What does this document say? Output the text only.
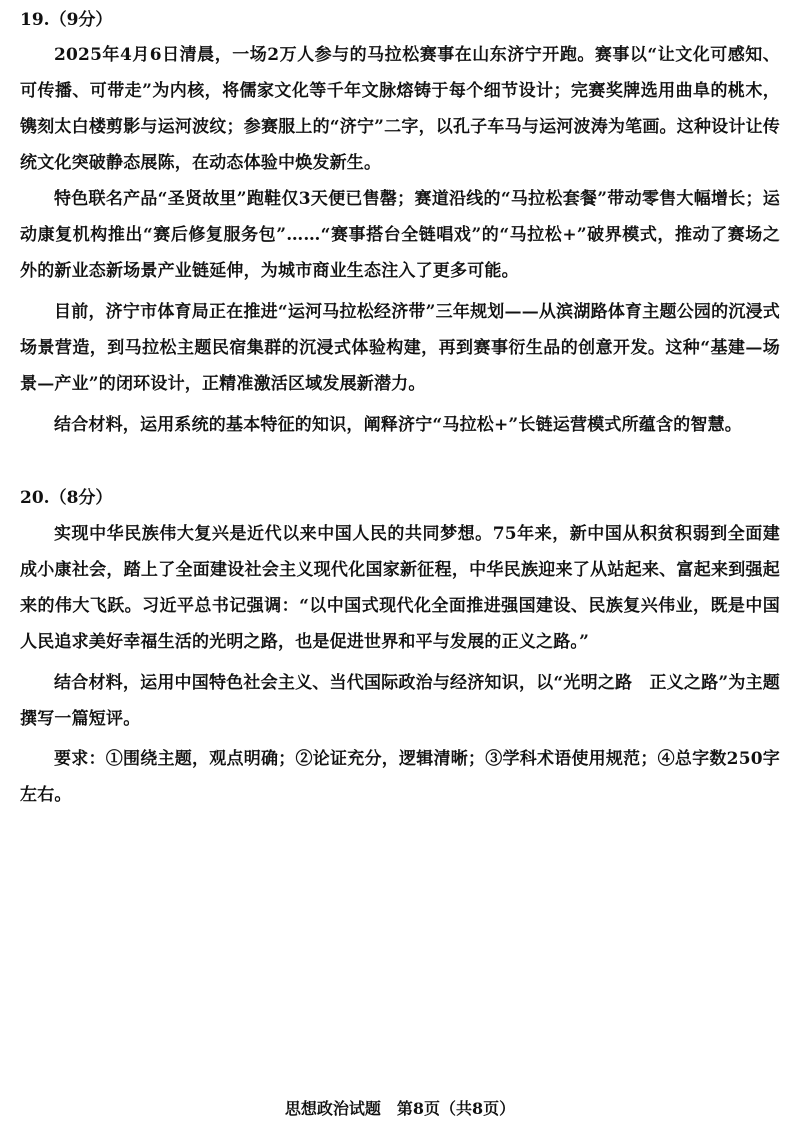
19.（9分）

2025年4月6日清晨，一场2万人参与的马拉松赛事在山东济宁开跑。赛事以“让文化可感知、可传播、可带走”为内核，将儒家文化等千年文脉熔铸于每个细节设计；完赛奖牌选用曲阜的桃木，镌刻太白楼剪影与运河波纹；参赛服上的“济宁”二字，以孔子车马与运河波涛为笔画。这种设计让传统文化突破静态展陈，在动态体验中焕发新生。

特色联名产品“圣贤故里”跑鞋仅3天便已售罄；赛道沿线的“马拉松套餐”带动零售大幅增长；运动康复机构推出“赛后修复服务包”……“赛事搭台全链唱戏”的“马拉松+”破界模式，推动了赛场之外的新业态新场景产业链延伸，为城市商业生态注入了更多可能。

目前，济宁市体育局正在推进“运河马拉松经济带”三年规划——从滨湖路体育主题公园的沉浸式场景营造，到马拉松主题民宿集群的沉浸式体验构建，再到赛事衍生品的创意开发。这种“基建—场景—产业”的闭环设计，正精准激活区域发展新潜力。

结合材料，运用系统的基本特征的知识，阐释济宁“马拉松+”长链运营模式所蕴含的智慧。

20.（8分）

实现中华民族伟大复兴是近代以来中国人民的共同梦想。75年来，新中国从积贫积弱到全面建成小康社会，踏上了全面建设社会主义现代化国家新征程，中华民族迎来了从站起来、富起来到强起来的伟大飞跃。习近平总书记强调：“以中国式现代化全面推进强国建设、民族复兴伟业，既是中国人民追求美好幸福生活的光明之路，也是促进世界和平与发展的正义之路。”

结合材料，运用中国特色社会主义、当代国际政治与经济知识，以“光明之路　正义之路”为主题撰写一篇短评。

要求：①围绕主题，观点明确；②论证充分，逻辑清晰；③学科术语使用规范；④总字数250字左右。

思想政治试题　第8页（共8页）
